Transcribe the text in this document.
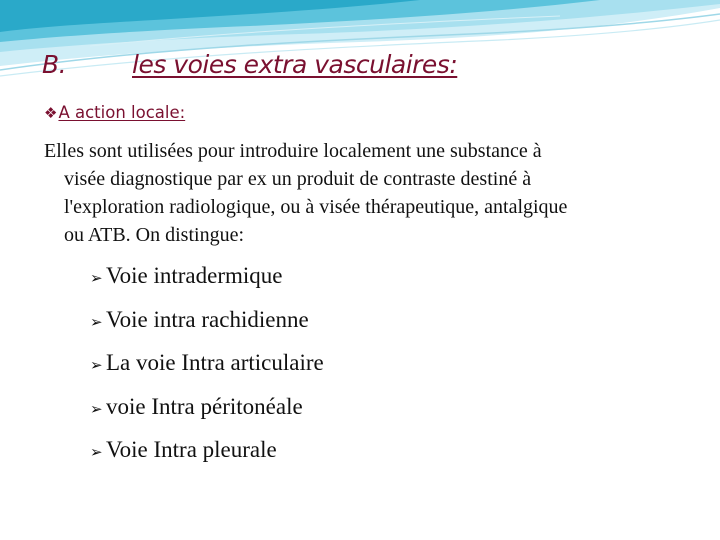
B.	les voies extra vasculaires:
❖A action locale:
Elles sont utilisées pour introduire localement une substance à
visée diagnostique par ex un produit de contraste destiné à
l'exploration radiologique, ou à visée thérapeutique, antalgique
ou ATB. On distingue:
➢ Voie intradermique
➢ Voie intra rachidienne
➢ La voie Intra articulaire
➢ voie Intra péritonéale
➢ Voie Intra pleurale
